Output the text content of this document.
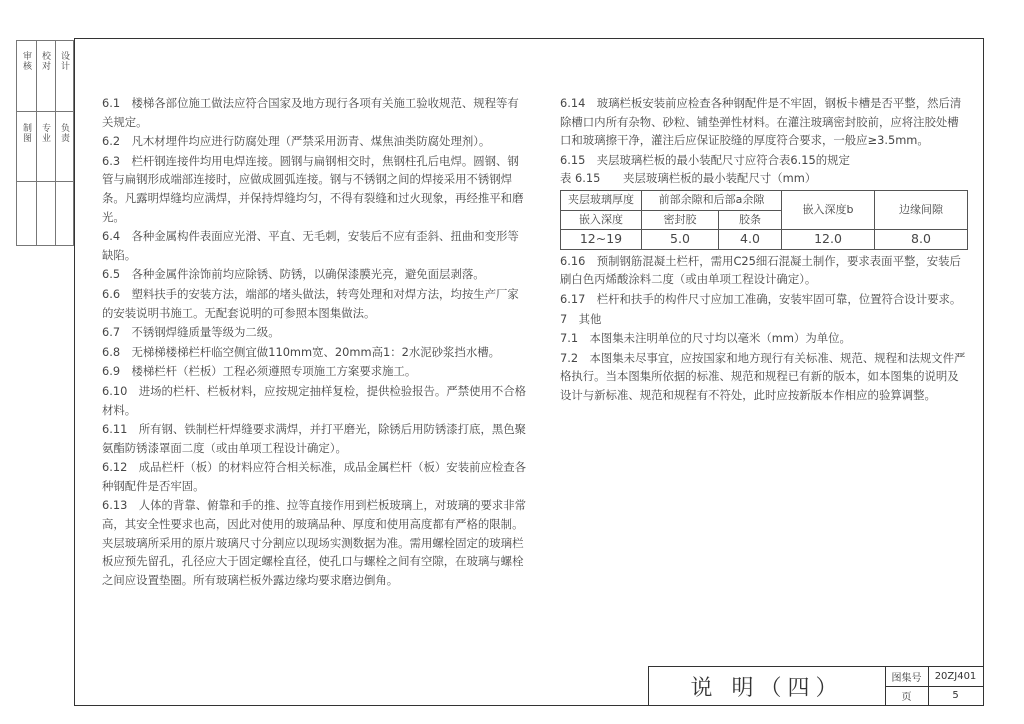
审核 校对 设计
制图 专业 负责

6.1　楼梯各部位施工做法应符合国家及地方现行各项有关施工验收规范、规程等有关规定。

6.2　凡木材埋件均应进行防腐处理（严禁采用沥青、煤焦油类防腐处理剂）。

6.3　栏杆钢连接件均用电焊连接。圆钢与扁钢相交时，焦钢柱孔后电焊。圆钢、钢管与扁钢形成端部连接时，应做成圆弧连接。钢与不锈钢之间的焊接采用不锈钢焊条。凡露明焊缝均应满焊，并保持焊缝均匀，不得有裂缝和过火现象，再经推平和磨光。

6.4　各种金属构件表面应光滑、平直、无毛刺，安装后不应有歪斜、扭曲和变形等缺陷。

6.5　各种金属件涂饰前均应除锈、防锈，以确保漆膜光亮，避免面层剥落。

6.6　塑料扶手的安装方法，端部的堵头做法，转弯处理和对焊方法，均按生产厂家的安装说明书施工。无配套说明的可参照本图集做法。

6.7　不锈钢焊缝质量等级为二级。

6.8　无梯梯楼梯栏杆临空侧宜做110mm宽、20mm高1：2水泥砂浆挡水槽。

6.9　楼梯栏杆（栏板）工程必须遵照专项施工方案要求施工。

6.10　进场的栏杆、栏板材料，应按规定抽样复检，提供检验报告。严禁使用不合格材料。

6.11　所有钢、铁制栏杆焊缝要求满焊，并打平磨光，除锈后用防锈漆打底，黑色聚氨酯防锈漆罩面二度（或由单项工程设计确定）。

6.12　成品栏杆（板）的材料应符合相关标准，成品金属栏杆（板）安装前应检查各种钢配件是否牢固。

6.13　人体的背靠、俯靠和手的推、拉等直接作用到栏板玻璃上，对玻璃的要求非常高，其安全性要求也高，因此对使用的玻璃品种、厚度和使用高度都有严格的限制。夹层玻璃所采用的原片玻璃尺寸分割应以现场实测数据为准。需用螺栓固定的玻璃栏板应预先留孔，孔径应大于固定螺栓直径，使孔口与螺栓之间有空隙，在玻璃与螺栓之间应设置垫圈。所有玻璃栏板外露边缘均要求磨边倒角。

6.14　玻璃栏板安装前应检查各种钢配件是不牢固，钢板卡槽是否平整，然后清除槽口内所有杂物、砂粒、铺垫弹性材料。在灌注玻璃密封胶前，应将注胶处槽口和玻璃擦干净，灌注后应保证胶缝的厚度符合要求，一般应≥3.5mm。

6.15　夹层玻璃栏板的最小装配尺寸应符合表6.15的规定

表 6.15　　夹层玻璃栏板的最小装配尺寸（mm）
夹层玻璃厚度	前部余隙和后部a余隙		嵌入深度b	边缘间隙
嵌入深度	密封胶	胶条		
12~19	5.0	4.0	12.0	8.0

6.16　预制钢筋混凝土栏杆，需用C25细石混凝土制作，要求表面平整，安装后刷白色丙烯酸涂料二度（或由单项工程设计确定）。

6.17　栏杆和扶手的构件尺寸应加工准确，安装牢固可靠，位置符合设计要求。

7　其他

7.1　本图集未注明单位的尺寸均以毫米（mm）为单位。

7.2　本图集未尽事宜，应按国家和地方现行有关标准、规范、规程和法规文件严格执行。当本图集所依据的标准、规范和规程已有新的版本，如本图集的说明及设计与新标准、规范和规程有不符处，此时应按新版本作相应的验算调整。

说 明（四）	图集号	20ZJ401
页	5
